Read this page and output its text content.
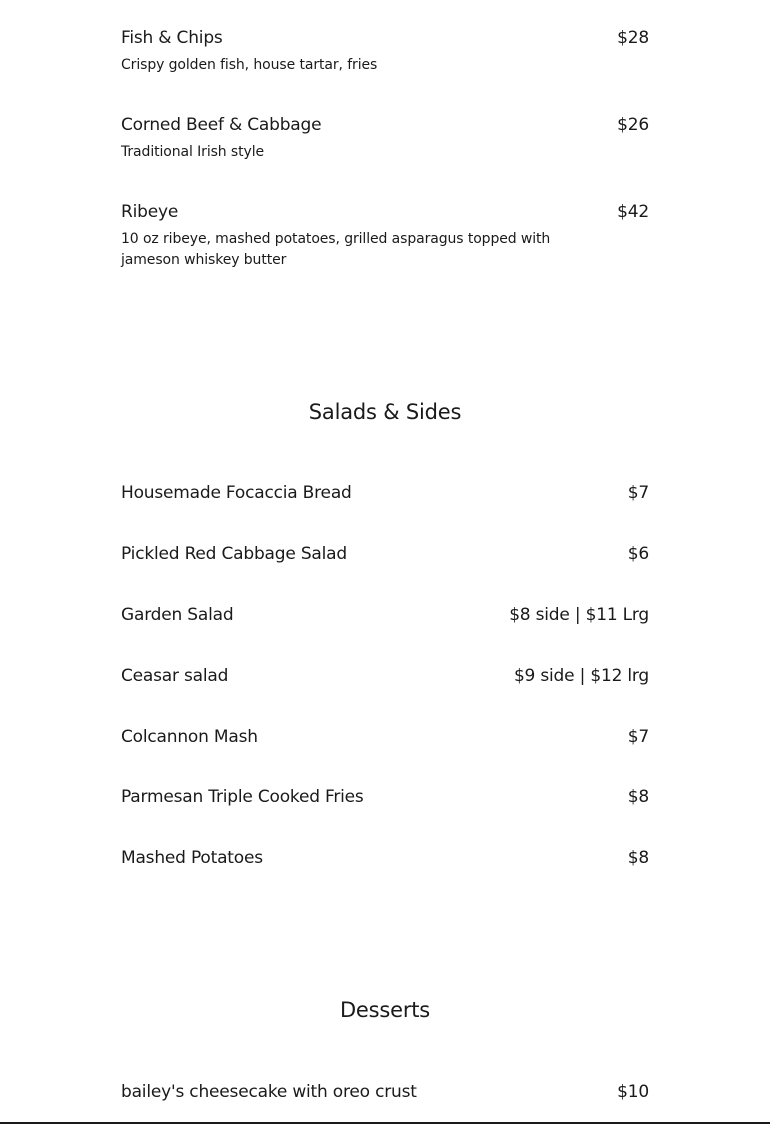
Fish & Chips	$28
Crispy golden fish, house tartar, fries
Corned Beef & Cabbage	$26
Traditional Irish style
Ribeye	$42
10 oz ribeye, mashed potatoes, grilled asparagus topped with jameson whiskey butter
Salads & Sides
Housemade Focaccia Bread	$7
Pickled Red Cabbage Salad	$6
Garden Salad	$8 side | $11 Lrg
Ceasar salad	$9 side | $12 lrg
Colcannon Mash	$7
Parmesan Triple Cooked Fries	$8
Mashed Potatoes	$8
Desserts
bailey's cheesecake with oreo crust	$10
